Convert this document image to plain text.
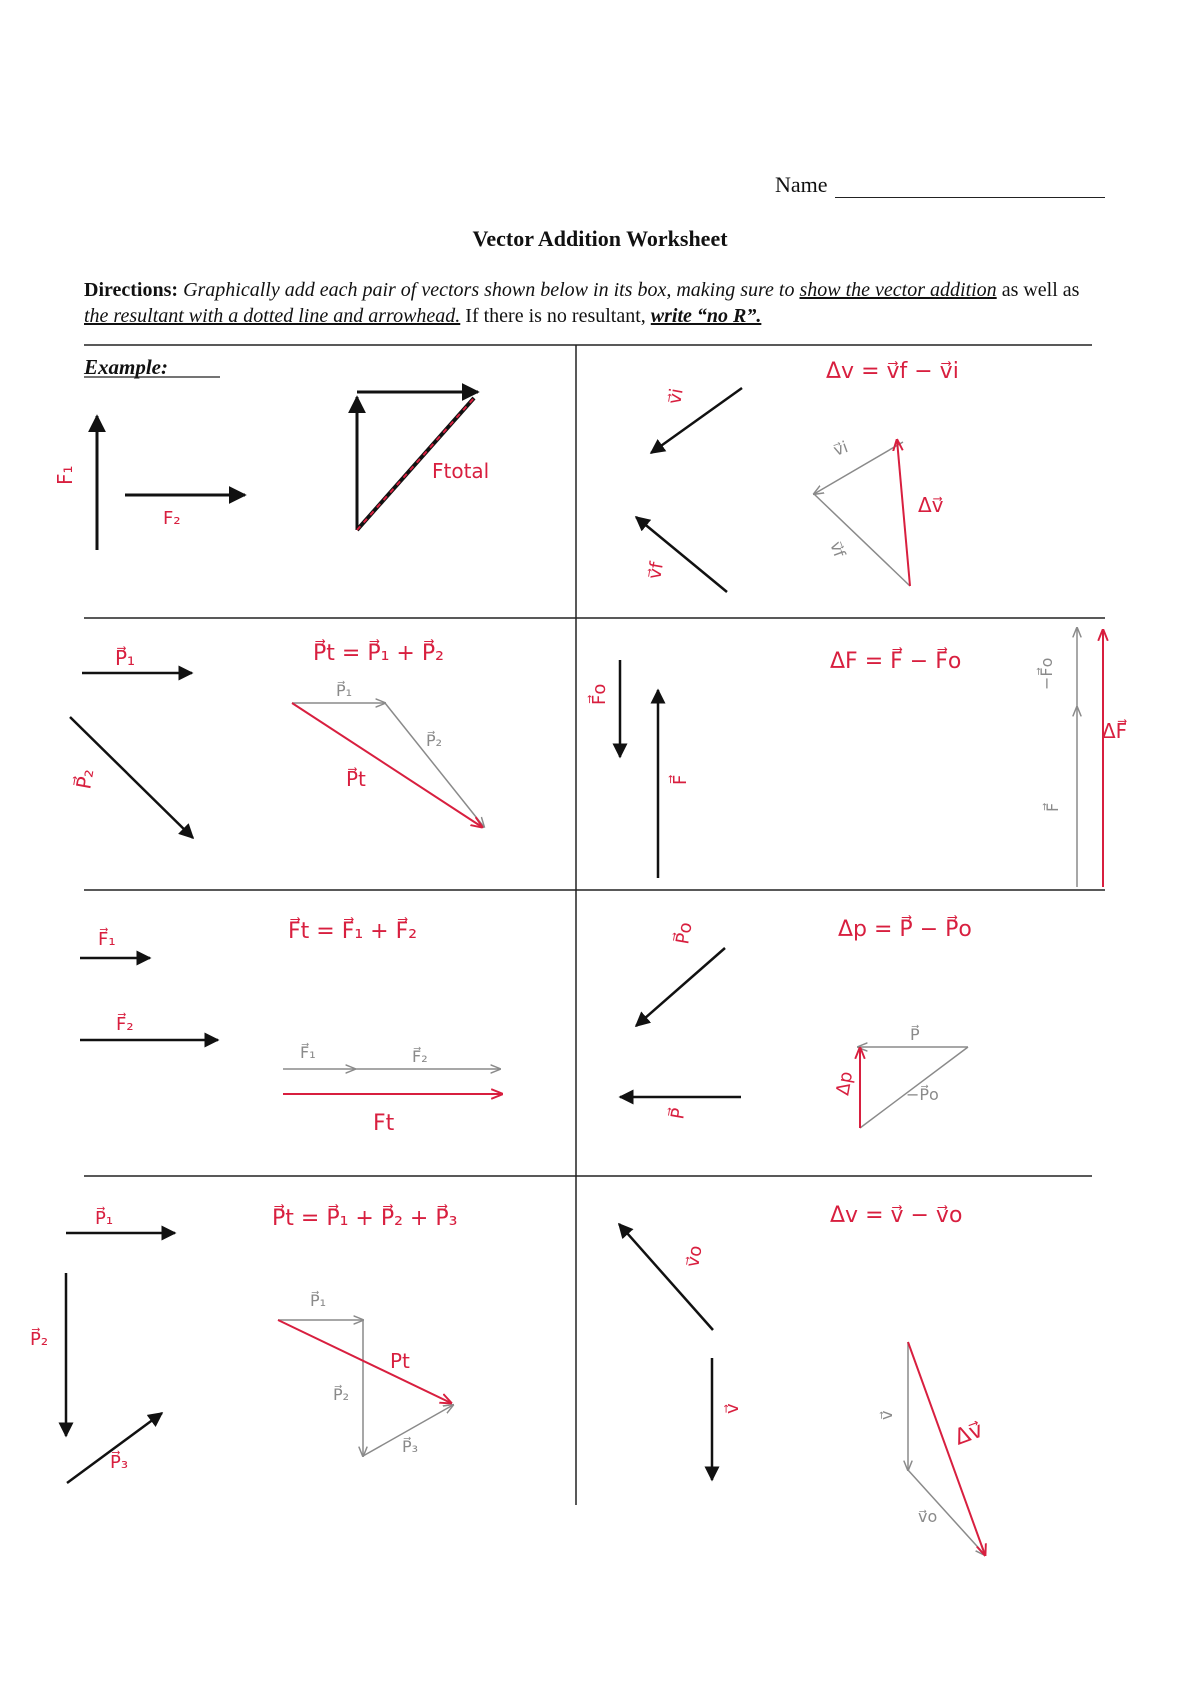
Name
Vector Addition Worksheet
Directions: Graphically add each pair of vectors shown below in its box, making sure to show the vector addition as well as the resultant with a dotted line and arrowhead. If there is no resultant, write “no R”.
Example:
F₁
F₂
Ftotal
Δv = v⃗f − v⃗i
v⃗i
v⃗f
v⃗i
v⃗f
Δv⃗
P⃗₁
P⃗₂
P⃗t = P⃗₁ + P⃗₂
P⃗₁
P⃗₂
P⃗t
ΔF = F⃗ − F⃗o
F⃗o
F⃗
−F⃗o
F⃗
ΔF⃗
F⃗₁
F⃗₂
F⃗t = F⃗₁ + F⃗₂
F⃗₁	F⃗₂
Ft
Δp = P⃗ − P⃗o
P⃗o
P⃗
P⃗
−P⃗o
Δp
P⃗₁
P⃗₂
P⃗₃
P⃗t = P⃗₁ + P⃗₂ + P⃗₃
P⃗₁
P⃗₂
P⃗₃
Pt
Δv = v⃗ − v⃗o
v⃗o
v⃗
v⃗
v⃗o
Δv⃗
